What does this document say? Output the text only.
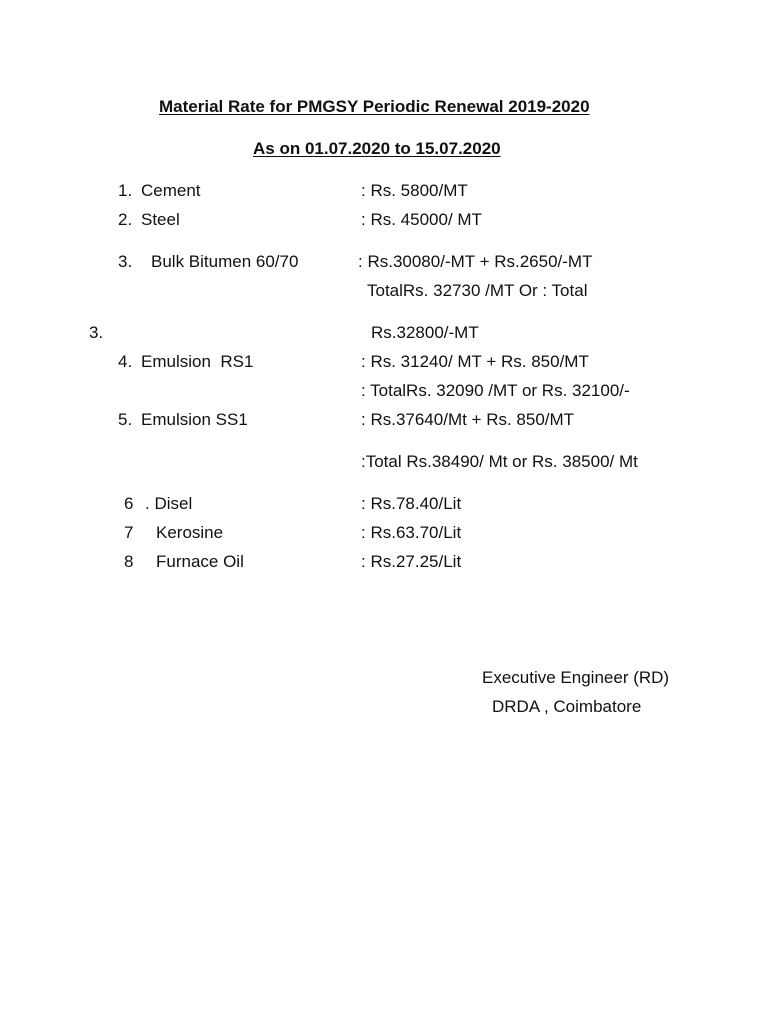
Material Rate for PMGSY Periodic Renewal 2019-2020
As on 01.07.2020 to 15.07.2020
1. Cement	: Rs. 5800/MT
2. Steel	: Rs. 45000/ MT
3. Bulk Bitumen 60/70	: Rs.30080/-MT + Rs.2650/-MT
TotalRs. 32730 /MT Or : Total
3.	Rs.32800/-MT
4. Emulsion  RS1	: Rs. 31240/ MT + Rs. 850/MT
: TotalRs. 32090 /MT or Rs. 32100/-
5. Emulsion SS1	: Rs.37640/Mt + Rs. 850/MT
:Total Rs.38490/ Mt or Rs. 38500/ Mt
6 . Disel	: Rs.78.40/Lit
7 Kerosine	: Rs.63.70/Lit
8 Furnace Oil	: Rs.27.25/Lit
Executive Engineer (RD)
DRDA , Coimbatore
